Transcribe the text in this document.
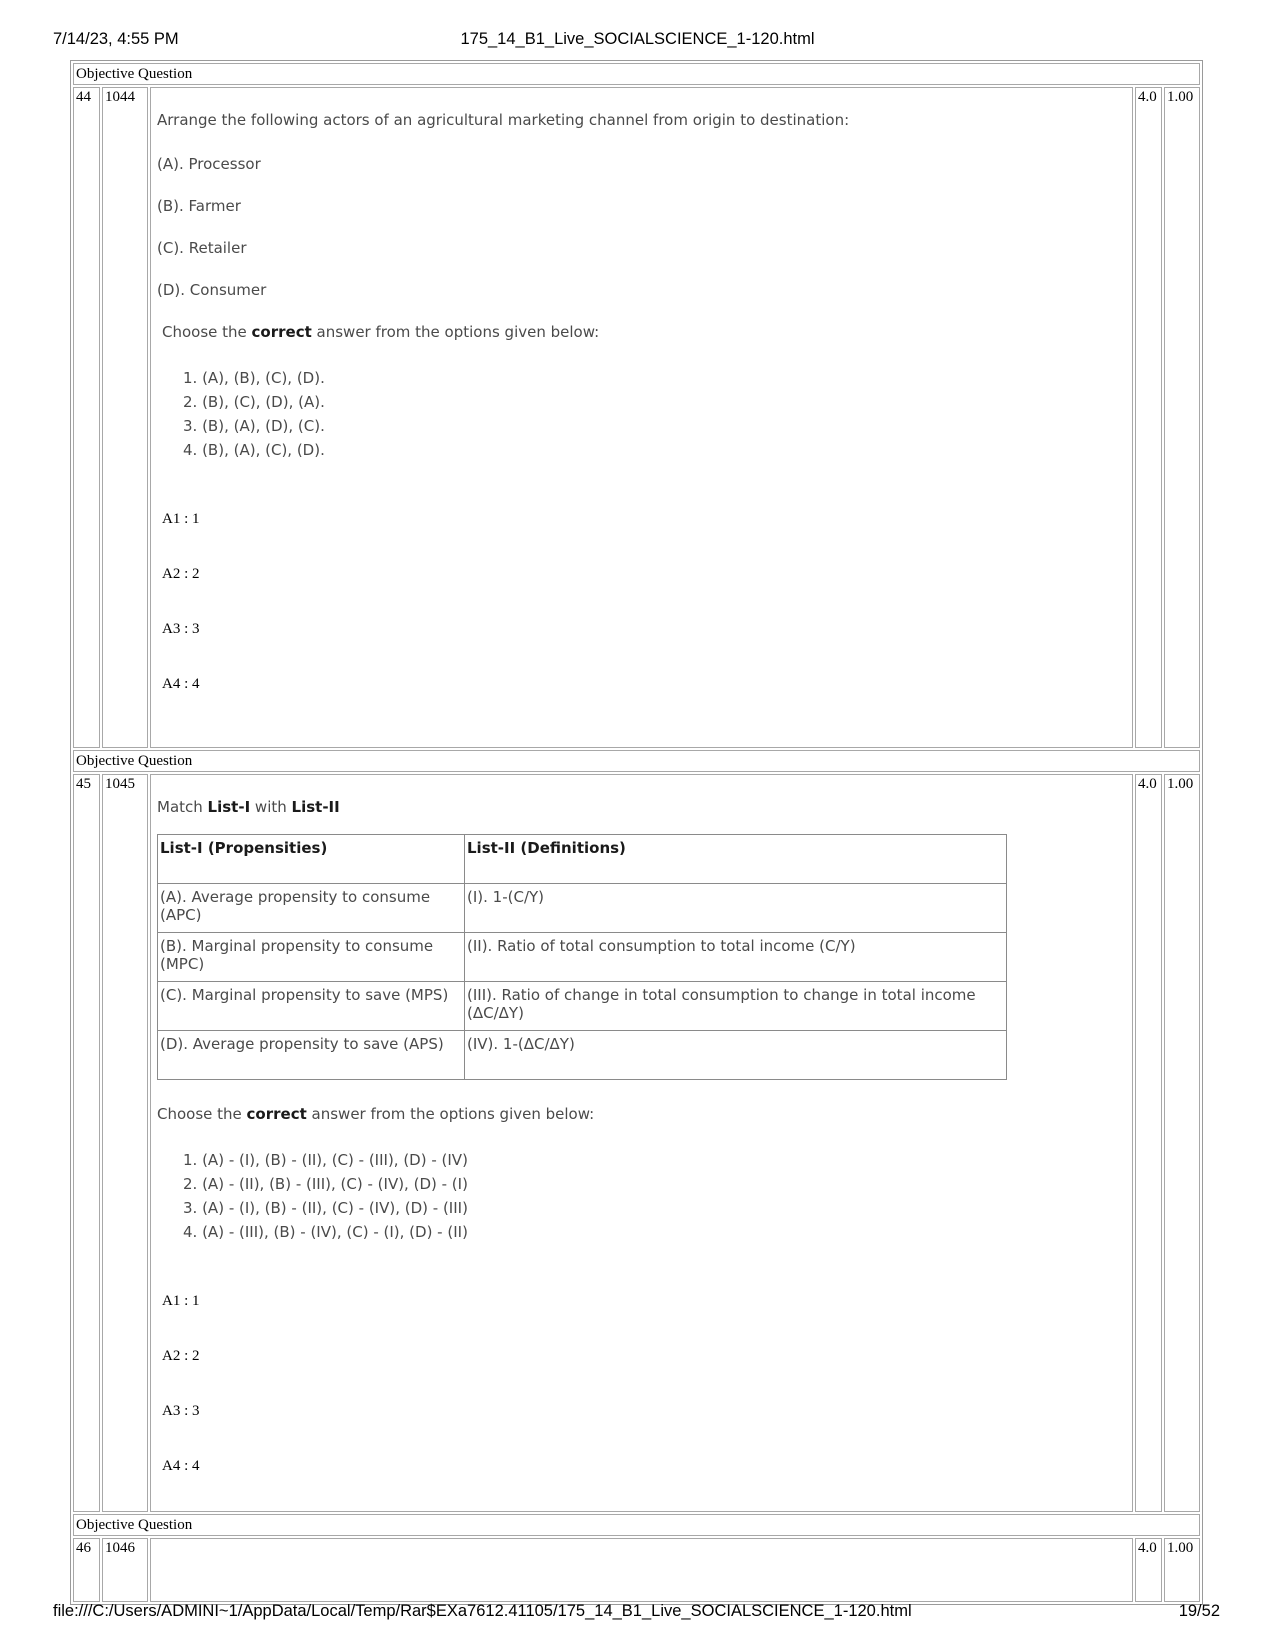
7/14/23, 4:55 PM	175_14_B1_Live_SOCIALSCIENCE_1-120.html
Objective Question
44	1044	

Arrange the following actors of an agricultural marketing channel from origin to destination:

(A). Processor

(B). Farmer

(C). Retailer

(D). Consumer

Choose the correct answer from the options given below:

1. (A), (B), (C), (D).
2. (B), (C), (D), (A).
3. (B), (A), (D), (C).
4. (B), (A), (C), (D).
A1 : 1
A2 : 2
A3 : 3
A4 : 4
	4.0	1.00
Objective Question
45	1045	

Match List-I with List-II

List-I (Propensities)	List-II (Definitions)
(A). Average propensity to consume (APC)	(I). 1-(C/Y)
(B). Marginal propensity to consume (MPC)	(II). Ratio of total consumption to total income (C/Y)
(C). Marginal propensity to save (MPS)	(III). Ratio of change in total consumption to change in total income (ΔC/ΔY)
(D). Average propensity to save (APS)	(IV). 1-(ΔC/ΔY)

Choose the correct answer from the options given below:

1. (A) - (I), (B) - (II), (C) - (III), (D) - (IV)
2. (A) - (II), (B) - (III), (C) - (IV), (D) - (I)
3. (A) - (I), (B) - (II), (C) - (IV), (D) - (III)
4. (A) - (III), (B) - (IV), (C) - (I), (D) - (II)
A1 : 1
A2 : 2
A3 : 3
A4 : 4
	4.0	1.00
Objective Question
46	1046		4.0	1.00
file:///C:/Users/ADMINI~1/AppData/Local/Temp/Rar$EXa7612.41105/175_14_B1_Live_SOCIALSCIENCE_1-120.html	19/52
